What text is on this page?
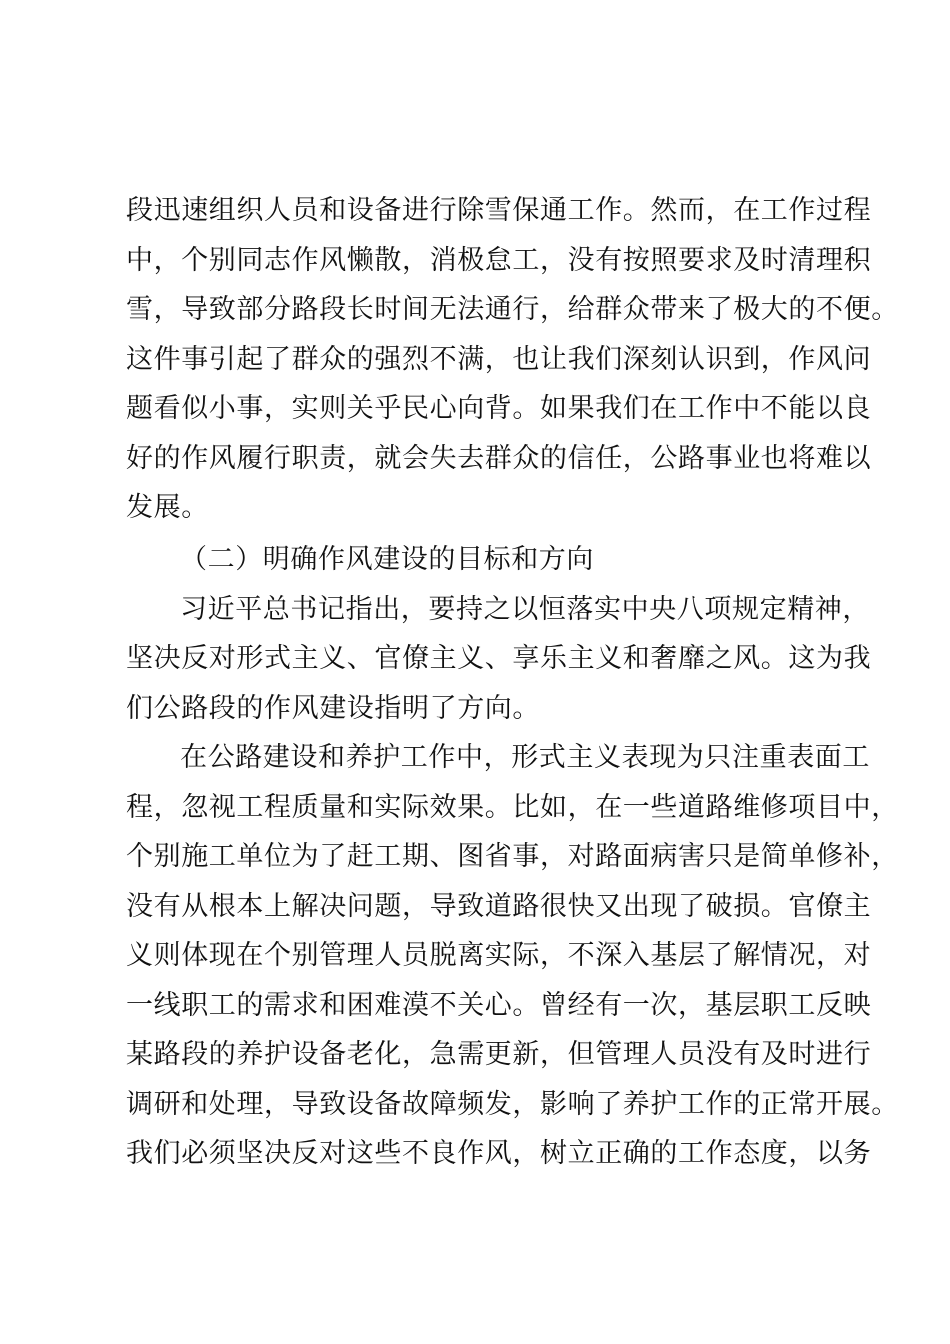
段迅速组织人员和设备进行除雪保通工作。然而，在工作过程
中，个别同志作风懒散，消极怠工，没有按照要求及时清理积
雪，导致部分路段长时间无法通行，给群众带来了极大的不便。
这件事引起了群众的强烈不满，也让我们深刻认识到，作风问
题看似小事，实则关乎民心向背。如果我们在工作中不能以良
好的作风履行职责，就会失去群众的信任，公路事业也将难以
发展。
（二）明确作风建设的目标和方向
习近平总书记指出，要持之以恒落实中央八项规定精神，
坚决反对形式主义、官僚主义、享乐主义和奢靡之风。这为我
们公路段的作风建设指明了方向。
在公路建设和养护工作中，形式主义表现为只注重表面工
程，忽视工程质量和实际效果。比如，在一些道路维修项目中，
个别施工单位为了赶工期、图省事，对路面病害只是简单修补，
没有从根本上解决问题，导致道路很快又出现了破损。官僚主
义则体现在个别管理人员脱离实际，不深入基层了解情况，对
一线职工的需求和困难漠不关心。曾经有一次，基层职工反映
某路段的养护设备老化，急需更新，但管理人员没有及时进行
调研和处理，导致设备故障频发，影响了养护工作的正常开展。
我们必须坚决反对这些不良作风，树立正确的工作态度，以务
